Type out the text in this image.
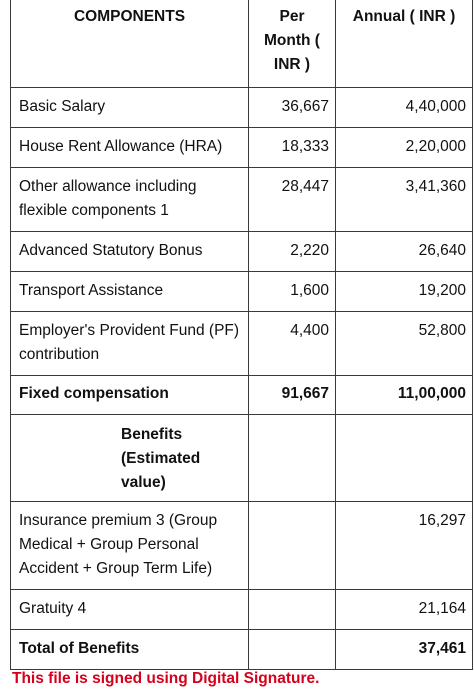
COMPONENTS	Per Month ( INR )	Annual ( INR )
Basic Salary	36,667	4,40,000
House Rent Allowance (HRA)	18,333	2,20,000
Other allowance including flexible components 1	28,447	3,41,360
Advanced Statutory Bonus	2,220	26,640
Transport Assistance	1,600	19,200
Employer's Provident Fund (PF) contribution	4,400	52,800
Fixed compensation	91,667	11,00,000
Benefits (Estimated value)		
Insurance premium 3 (Group Medical + Group Personal Accident + Group Term Life)		16,297
Gratuity 4		21,164
Total of Benefits		37,461
This file is signed using Digital Signature.
